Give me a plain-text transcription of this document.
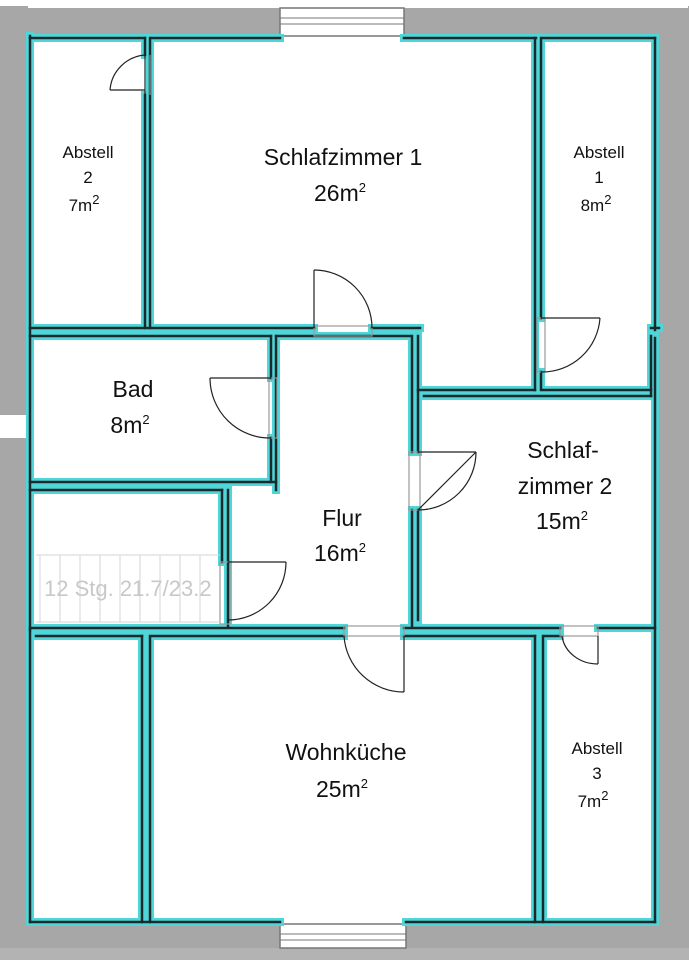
12 Stg. 21.7/23.2
Abstell
2
$7m^2$
Schlafzimmer 1
$26m^2$
Abstell
1
$8m^2$
Bad
$8m^2$
Schlaf-
zimmer 2
$15m^2$
Flur
$16m^2$
Wohnküche
$25m^2$
Abstell
3
$7m^2$
